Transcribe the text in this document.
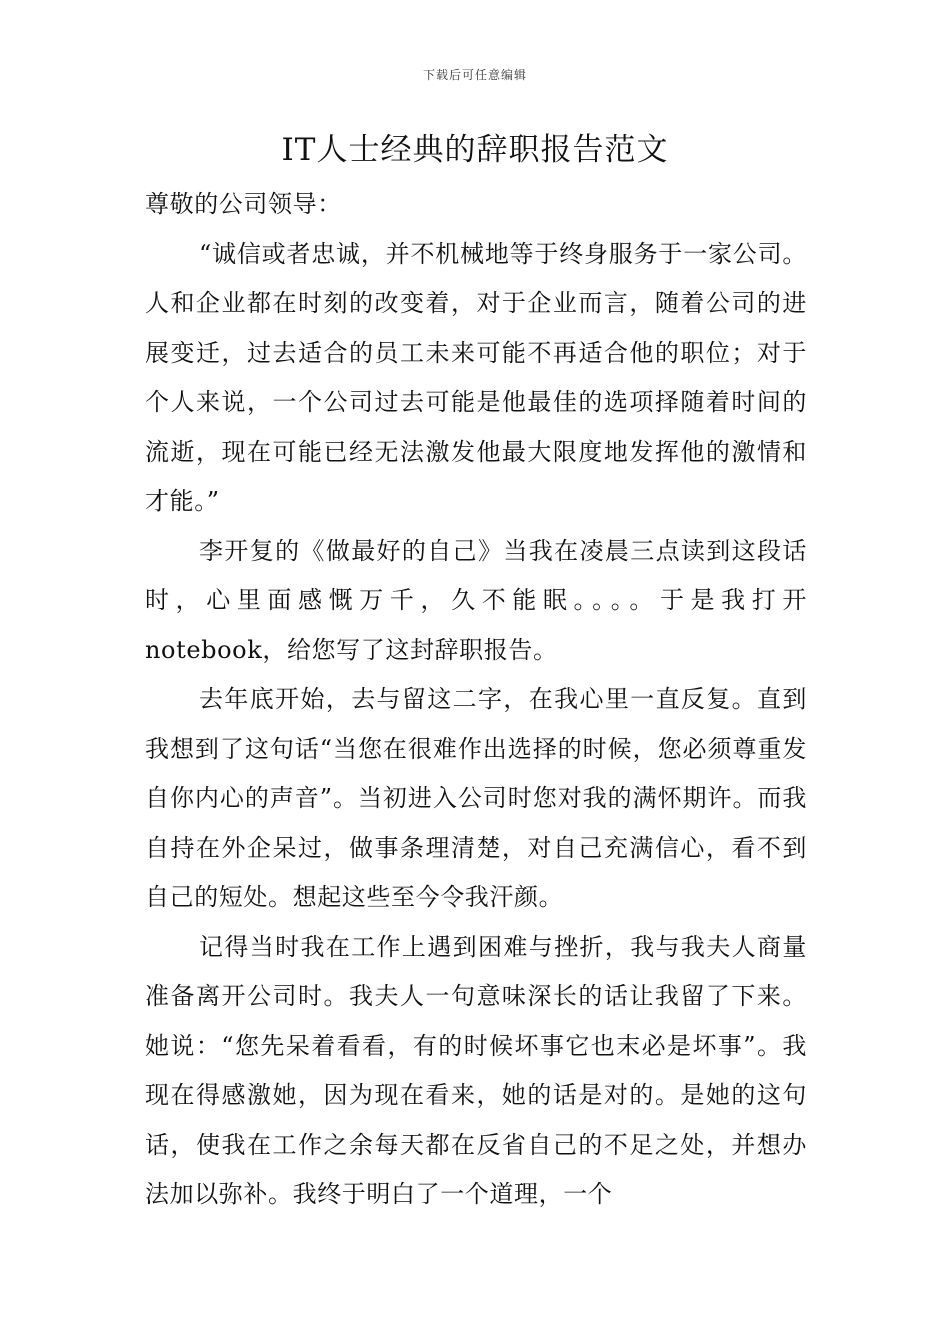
下载后可任意编辑
IT人士经典的辞职报告范文

尊敬的公司领导：

“诚信或者忠诚，并不机械地等于终身服务于一家公司。人和企业都在时刻的改变着，对于企业而言，随着公司的进展变迁，过去适合的员工未来可能不再适合他的职位；对于个人来说，一个公司过去可能是他最佳的选项择随着时间的流逝，现在可能已经无法激发他最大限度地发挥他的激情和才能。”

李开复的《做最好的自己》当我在凌晨三点读到这段话时，心里面感慨万千，久不能眠。。。。于是我打开notebook，给您写了这封辞职报告。

去年底开始，去与留这二字，在我心里一直反复。直到我想到了这句话“当您在很难作出选择的时候，您必须尊重发自你内心的声音”。当初进入公司时您对我的满怀期许。而我自持在外企呆过，做事条理清楚，对自己充满信心，看不到自己的短处。想起这些至今令我汗颜。

记得当时我在工作上遇到困难与挫折，我与我夫人商量准备离开公司时。我夫人一句意味深长的话让我留了下来。她说：“您先呆着看看，有的时候坏事它也末必是坏事”。我现在得感激她，因为现在看来，她的话是对的。是她的这句话，使我在工作之余每天都在反省自己的不足之处，并想办法加以弥补。我终于明白了一个道理，一个
